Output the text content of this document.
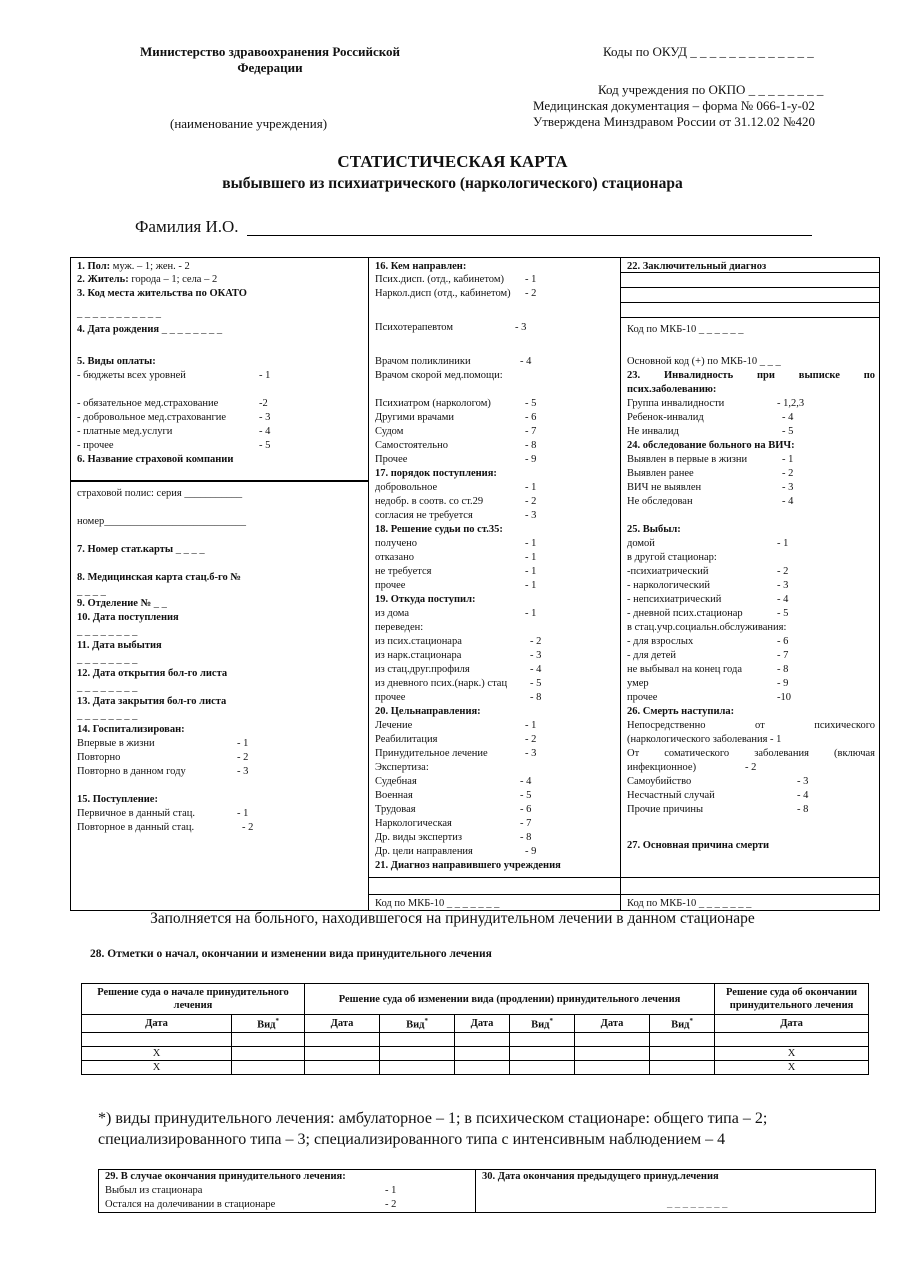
Министерство здравоохранения Российской
Федерации
(наименование учреждения)
Коды по ОКУД _ _ _ _ _ _ _ _ _ _ _ _ _
Код учреждения по ОКПО _ _ _ _ _ _ _ _
Медицинская документация – форма № 066-1-у-02
Утверждена Минздравом России от 31.12.02 №420
СТАТИСТИЧЕСКАЯ КАРТА
выбывшего из психиатрического (наркологического) стационара
Фамилия И.О.
1. Пол: муж. – 1; жен. - 2
2. Житель: города – 1; села – 2
3. Код места жительства по ОКАТО
_ _ _ _ _ _ _ _ _ _ _
4. Дата рождения _ _ _ _ _ _ _ _
5. Виды оплаты:
- бюджеты всех уровней	- 1
- обязательное мед.страхование	-2
- добровольное мед.страховангие	- 3
- платные мед.услуги	- 4
- прочее	- 5
6. Название страховой компании
страховой полис: серия ___________
номер___________________________
7. Номер стат.карты _ _ _ _
8. Медицинская карта стац.б-го №
_ _ _ _
9. Отделение № _ _
10. Дата поступления
_ _ _ _ _ _ _ _
11. Дата выбытия
_ _ _ _ _ _ _ _
12. Дата открытия бол-го листа
_ _ _ _ _ _ _ _
13. Дата закрытия бол-го листа
_ _ _ _ _ _ _ _
14. Госпитализирован:
Впервые в жизни	- 1
Повторно	- 2
Повторно в данном году	- 3
15. Поступление:
Первичное в данный стац.	- 1
Повторное в данный стац.	- 2
16. Кем направлен:
Псих.дисп. (отд., кабинетом) - 1
Наркол.дисп (отд., кабинетом) - 2
Психотерапевтом	- 3
Врачом поликлиники	- 4
Врачом скорой мед.помощи:
Психиатром (наркологом)	- 5
Другими врачами	- 6
Судом	- 7
Самостоятельно	- 8
Прочее	- 9
17. порядок поступления:
добровольное	- 1
недобр. в соотв. со ст.29	- 2
согласия не требуется	- 3
18. Решение судьи по ст.35:
получено	- 1
отказано	- 1
не требуется	- 1
прочее	- 1
19. Откуда поступил:
из дома	- 1
переведен:
из псих.стационара	- 2
из нарк.стационара	- 3
из стац.друг.профиля	- 4
из дневного псих.(нарк.) стац - 5
прочее	- 8
20. Цельнаправления:
Лечение	- 1
Реабилитация	- 2
Принудительное лечение	- 3
Экспертиза:
Судебная	- 4
Военная	- 5
Трудовая	- 6
Наркологическая	- 7
Др. виды экспертиз	- 8
Др. цели направления	- 9
21. Диагноз направившего учреждения
Код по МКБ-10 _ _ _ _ _ _ _
22. Заключительный диагноз
Код по МКБ-10 _ _ _ _ _ _
Основной код (+) по МКБ-10 _ _ _
23. Инвалидность при выписке по
псих.заболеванию:
Группа инвалидности	- 1,2,3
Ребенок-инвалид	- 4
Не инвалид	- 5
24. обследование больного на ВИЧ:
Выявлен в первые в жизни	- 1
Выявлен ранее	- 2
ВИЧ не выявлен	- 3
Не обследован	- 4
25. Выбыл:
домой	- 1
в другой стационар:
-психиатрический	- 2
- наркологический	- 3
- непсихиатрический	- 4
- дневной псих.стационар	- 5
в стац.учр.социальн.обслуживания:
- для взрослых	- 6
- для детей	- 7
не выбывал на конец года	- 8
умер	- 9
прочее	-10
26. Смерть наступила:
Непосредственно от психического
(наркологического заболевания - 1
От соматического заболевания (включая
инфекционное)	- 2
Самоубийство	- 3
Несчастный случай	- 4
Прочие причины	- 8
27. Основная причина смерти
Код по МКБ-10 _ _ _ _ _ _ _
Заполняется на больного, находившегося на принудительном лечении в данном стационаре
28. Отметки о начал, окончании и изменении вида принудительного лечения
Решение суда о начале принудительного лечения		Решение суда об изменении вида (продлении) принудительного лечения						Решение суда об окончании принудительного лечения
Дата	Вид*	Дата	Вид*	Дата	Вид*	Дата	Вид*	Дата

X								X
X								X
*) виды принудительного лечения: амбулаторное – 1; в психическом стационаре: общего типа – 2; специализированного типа – 3; специализированного типа с интенсивным наблюдением – 4
29. В случае окончания принудительного лечения:
Выбыл из стационара	- 1
Остался на долечивании в стационаре	- 2

30. Дата окончания предыдущего принуд.лечения
_ _ _ _ _ _ _ _
